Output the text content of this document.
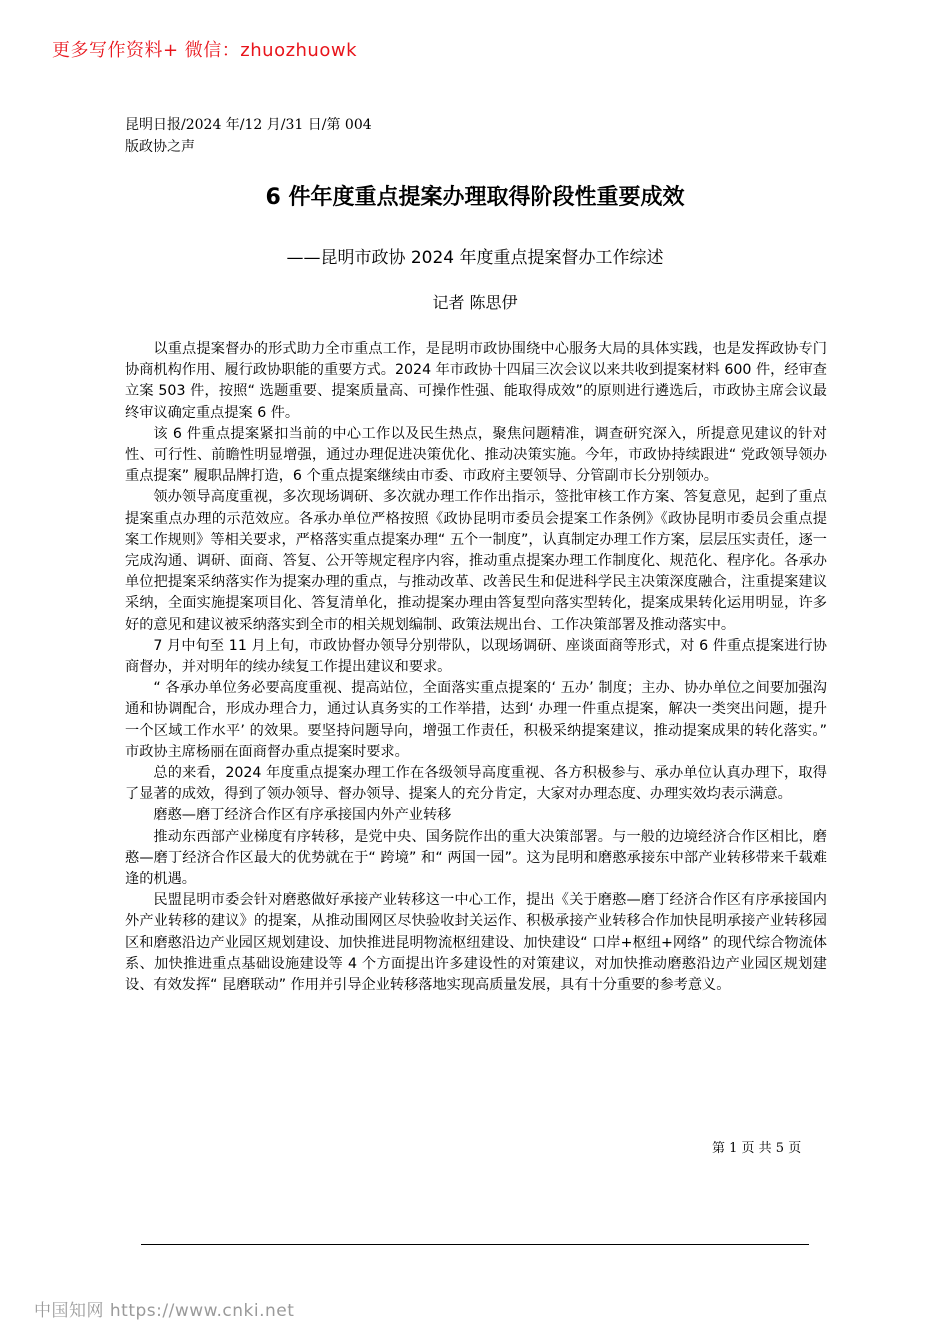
更多写作资料+ 微信：zhuozhuowk
昆明日报/2024 年/12 月/31 日/第 004
版政协之声
6 件年度重点提案办理取得阶段性重要成效
——昆明市政协 2024 年度重点提案督办工作综述
记者 陈思伊

以重点提案督办的形式助力全市重点工作，是昆明市政协围绕中心服务大局的具体实践，也是发挥政协专门协商机构作用、履行政协职能的重要方式。2024 年市政协十四届三次会议以来共收到提案材料 600 件，经审查立案 503 件，按照“ 选题重要、提案质量高、可操作性强、能取得成效”的原则进行遴选后，市政协主席会议最终审议确定重点提案 6 件。

该 6 件重点提案紧扣当前的中心工作以及民生热点，聚焦问题精准，调查研究深入，所提意见建议的针对性、可行性、前瞻性明显增强，通过办理促进决策优化、推动决策实施。今年，市政协持续跟进“ 党政领导领办重点提案” 履职品牌打造，6 个重点提案继续由市委、市政府主要领导、分管副市长分别领办。

领办领导高度重视，多次现场调研、多次就办理工作作出指示，签批审核工作方案、答复意见，起到了重点提案重点办理的示范效应。各承办单位严格按照《政协昆明市委员会提案工作条例》《政协昆明市委员会重点提案工作规则》等相关要求，严格落实重点提案办理“ 五个一制度”，认真制定办理工作方案，层层压实责任，逐一完成沟通、调研、面商、答复、公开等规定程序内容，推动重点提案办理工作制度化、规范化、程序化。各承办单位把提案采纳落实作为提案办理的重点，与推动改革、改善民生和促进科学民主决策深度融合，注重提案建议采纳，全面实施提案项目化、答复清单化，推动提案办理由答复型向落实型转化，提案成果转化运用明显，许多好的意见和建议被采纳落实到全市的相关规划编制、政策法规出台、工作决策部署及推动落实中。

7 月中旬至 11 月上旬，市政协督办领导分别带队，以现场调研、座谈面商等形式，对 6 件重点提案进行协商督办，并对明年的续办续复工作提出建议和要求。

“ 各承办单位务必要高度重视、提高站位，全面落实重点提案的‘ 五办’ 制度；主办、协办单位之间要加强沟通和协调配合，形成办理合力，通过认真务实的工作举措，达到‘ 办理一件重点提案，解决一类突出问题，提升一个区域工作水平’ 的效果。要坚持问题导向，增强工作责任，积极采纳提案建议，推动提案成果的转化落实。” 市政协主席杨丽在面商督办重点提案时要求。

总的来看，2024 年度重点提案办理工作在各级领导高度重视、各方积极参与、承办单位认真办理下，取得了显著的成效，得到了领办领导、督办领导、提案人的充分肯定，大家对办理态度、办理实效均表示满意。

磨憨—磨丁经济合作区有序承接国内外产业转移

推动东西部产业梯度有序转移，是党中央、国务院作出的重大决策部署。与一般的边境经济合作区相比，磨憨—磨丁经济合作区最大的优势就在于“ 跨境” 和“ 两国一园”。这为昆明和磨憨承接东中部产业转移带来千载难逢的机遇。

民盟昆明市委会针对磨憨做好承接产业转移这一中心工作，提出《关于磨憨—磨丁经济合作区有序承接国内外产业转移的建议》的提案，从推动围网区尽快验收封关运作、积极承接产业转移合作加快昆明承接产业转移园区和磨憨沿边产业园区规划建设、加快推进昆明物流枢纽建设、加快建设“ 口岸+枢纽+网络” 的现代综合物流体系、加快推进重点基础设施建设等 4 个方面提出许多建设性的对策建议，对加快推动磨憨沿边产业园区规划建设、有效发挥“ 昆磨联动” 作用并引导企业转移落地实现高质量发展，具有十分重要的参考意义。

第 1 页 共 5 页
中国知网 https://www.cnki.net
